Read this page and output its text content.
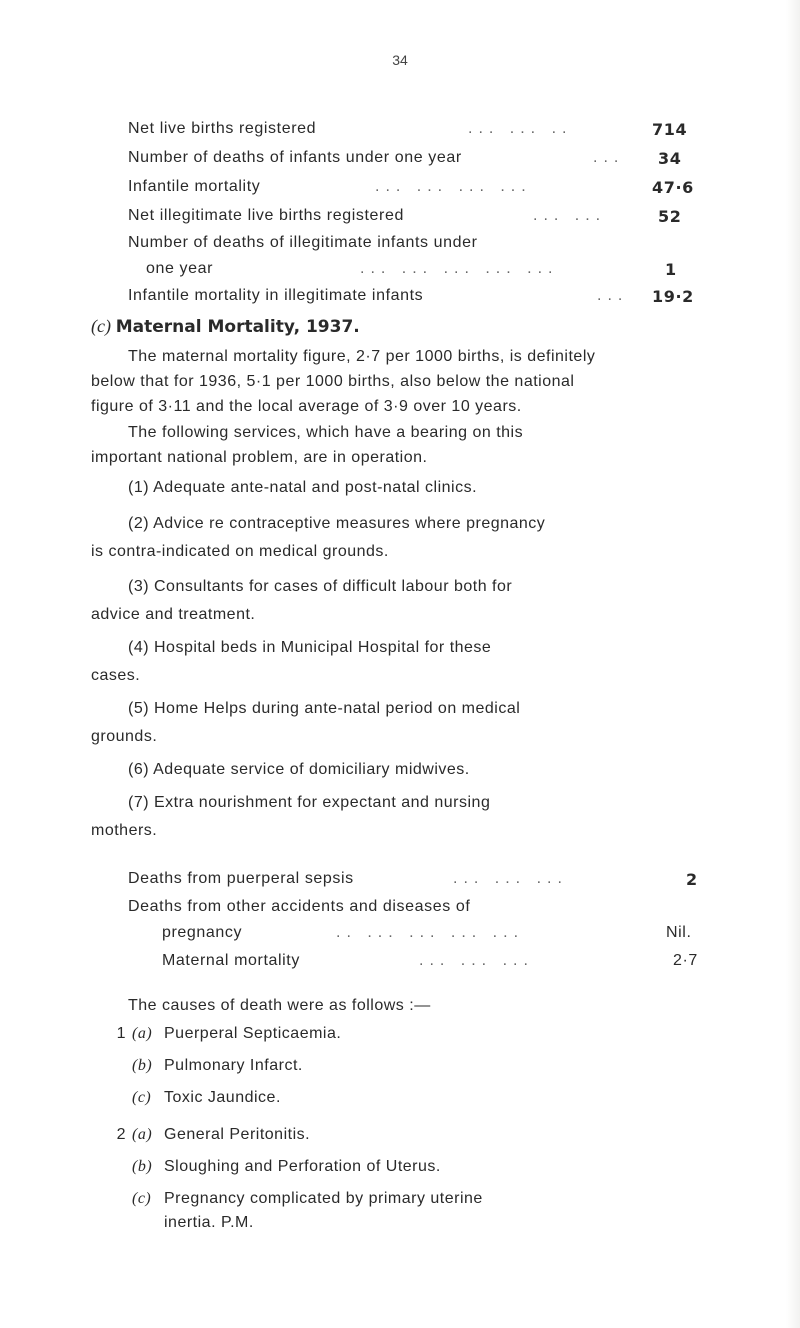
34
Net live births registered	... ... ..	714
Number of deaths of infants under one year	... 34
Infantile mortality	... ... ... ...	47·6
Net illegitimate live births registered	... ...	52
Number of deaths of illegitimate infants under
one year	... ... ... ... ...	1
Infantile mortality in illegitimate infants	... 19·2
(c) Maternal Mortality, 1937.
The maternal mortality figure, 2·7 per 1000 births, is definitely
below that for 1936, 5·1 per 1000 births, also below the national
figure of 3·11 and the local average of 3·9 over 10 years.
The following services, which have a bearing on this
important national problem, are in operation.
(1) Adequate ante-natal and post-natal clinics.
(2) Advice re contraceptive measures where pregnancy
is contra-indicated on medical grounds.
(3) Consultants for cases of difficult labour both for
advice and treatment.
(4) Hospital beds in Municipal Hospital for these
cases.
(5) Home Helps during ante-natal period on medical
grounds.
(6) Adequate service of domiciliary midwives.
(7) Extra nourishment for expectant and nursing
mothers.
Deaths from puerperal sepsis	... ... ...	2
Deaths from other accidents and diseases of
pregnancy	.. ... ... ... ...	Nil.
Maternal mortality	... ... ...	2·7
The causes of death were as follows :—
1 (a) Puerperal Septicaemia.
(b) Pulmonary Infarct.
(c) Toxic Jaundice.
2 (a) General Peritonitis.
(b) Sloughing and Perforation of Uterus.
(c) Pregnancy complicated by primary uterine
inertia. P.M.
